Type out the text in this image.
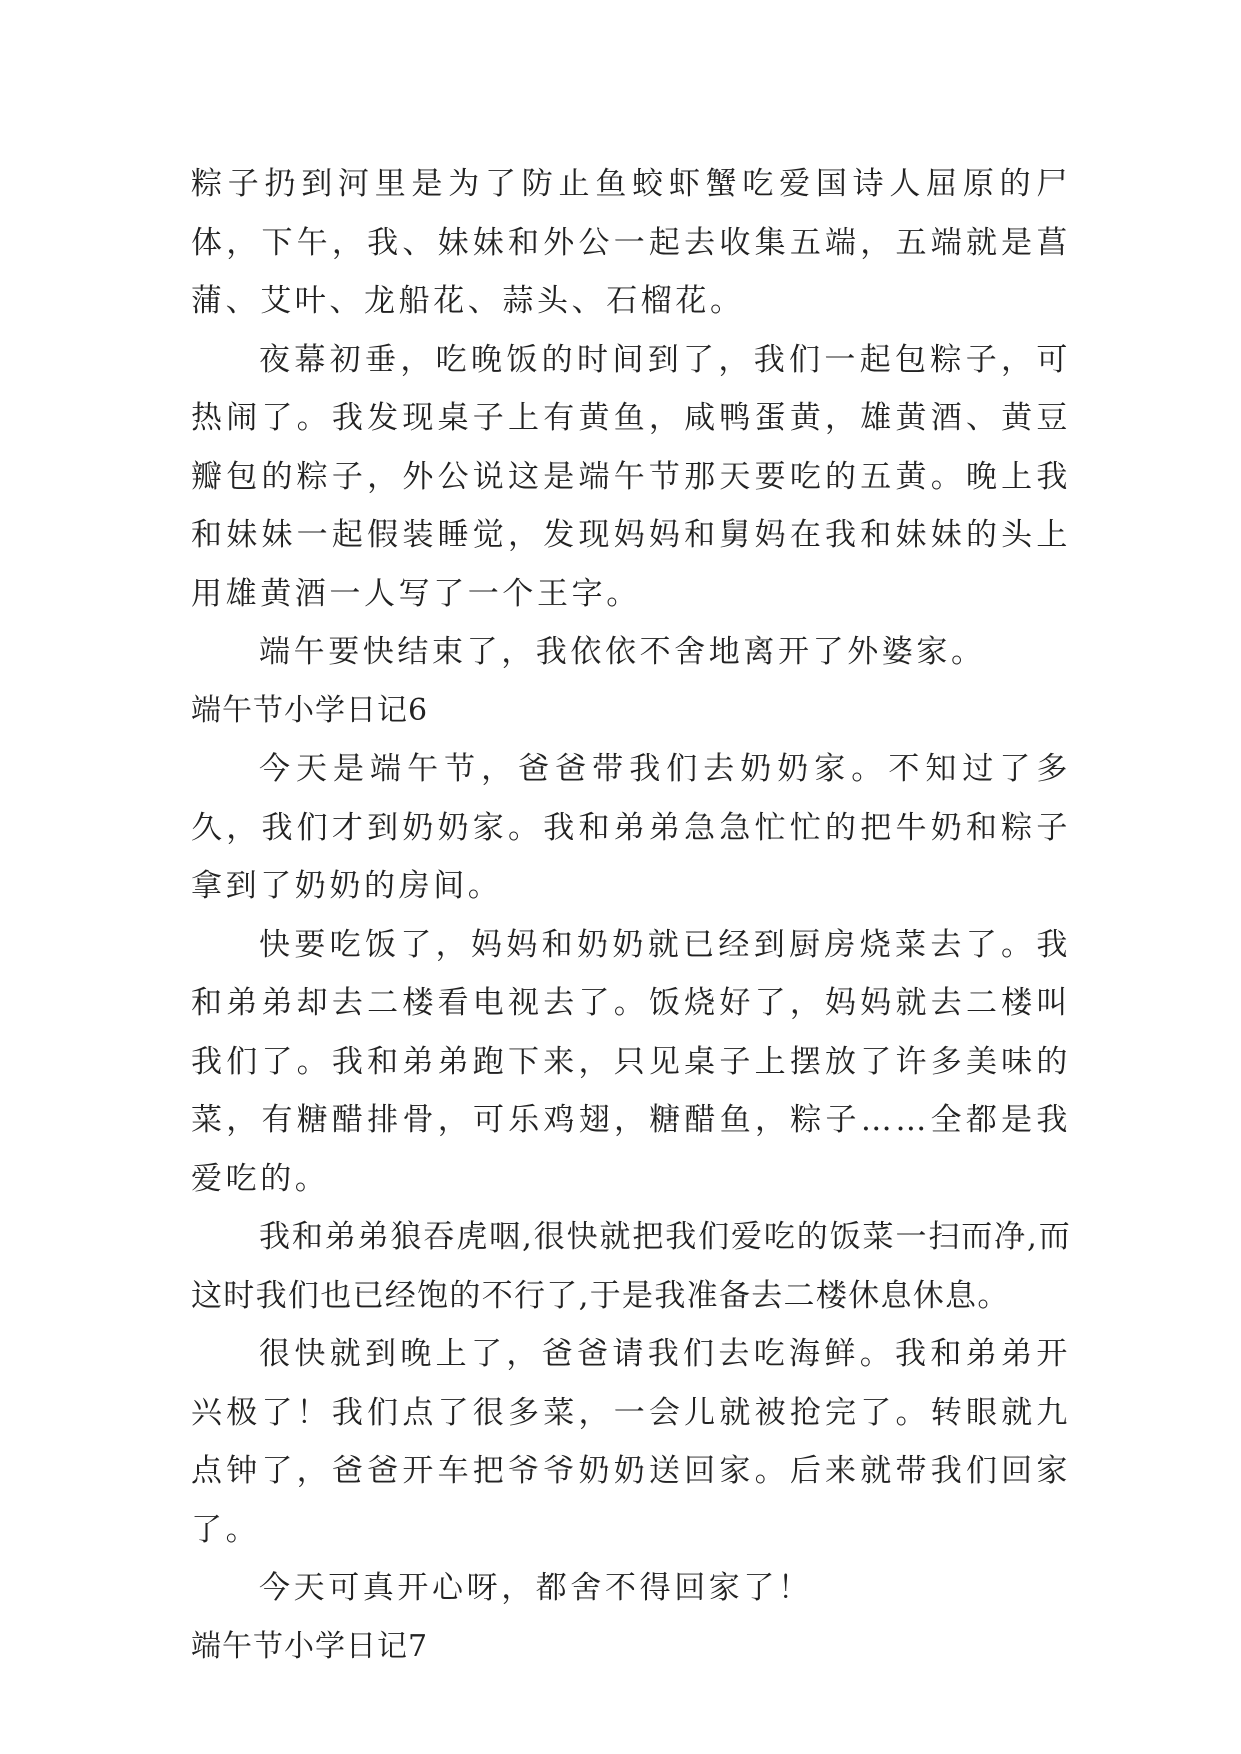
粽子扔到河里是为了防止鱼蛟虾蟹吃爱国诗人屈原的尸体，下午，我、妹妹和外公一起去收集五端，五端就是菖蒲、艾叶、龙船花、蒜头、石榴花。

夜幕初垂，吃晚饭的时间到了，我们一起包粽子，可热闹了。我发现桌子上有黄鱼，咸鸭蛋黄，雄黄酒、黄豆瓣包的粽子，外公说这是端午节那天要吃的五黄。晚上我和妹妹一起假装睡觉，发现妈妈和舅妈在我和妹妹的头上用雄黄酒一人写了一个王字。

端午要快结束了，我依依不舍地离开了外婆家。

端午节小学日记6

今天是端午节，爸爸带我们去奶奶家。不知过了多久，我们才到奶奶家。我和弟弟急急忙忙的把牛奶和粽子拿到了奶奶的房间。

快要吃饭了，妈妈和奶奶就已经到厨房烧菜去了。我和弟弟却去二楼看电视去了。饭烧好了，妈妈就去二楼叫我们了。我和弟弟跑下来，只见桌子上摆放了许多美味的菜，有糖醋排骨，可乐鸡翅，糖醋鱼，粽子……全都是我爱吃的。

我和弟弟狼吞虎咽,很快就把我们爱吃的饭菜一扫而净,而这时我们也已经饱的不行了,于是我准备去二楼休息休息。

很快就到晚上了，爸爸请我们去吃海鲜。我和弟弟开兴极了！我们点了很多菜，一会儿就被抢完了。转眼就九点钟了，爸爸开车把爷爷奶奶送回家。后来就带我们回家了。

今天可真开心呀，都舍不得回家了！

端午节小学日记7
